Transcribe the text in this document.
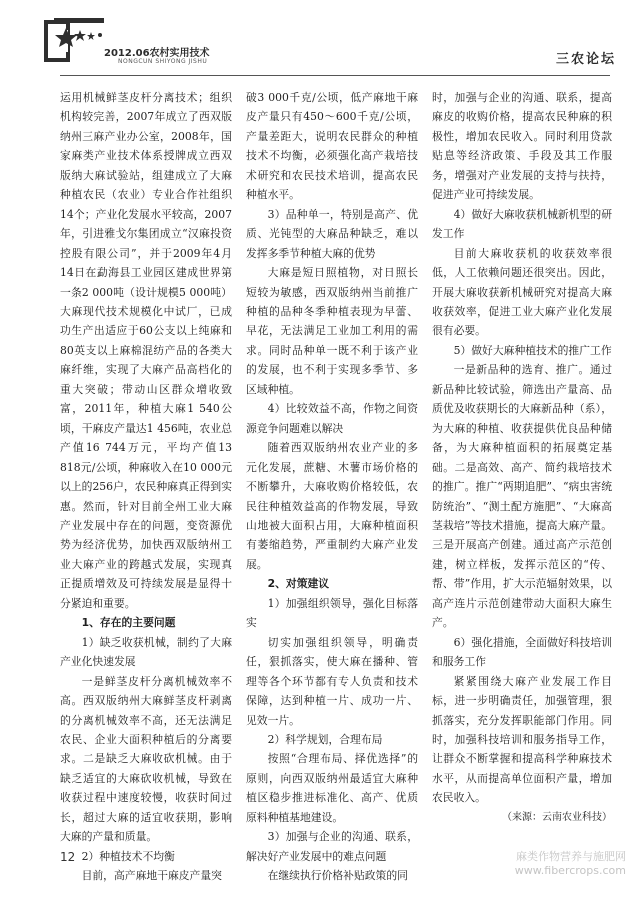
2012.06农村实用技术
NONGCUN SHIYONG JISHU	三农论坛

运用机械鲜茎皮杆分离技术；组织机构较完善，2007年成立了西双版纳州三麻产业办公室，2008年，国家麻类产业技术体系授牌成立西双版纳大麻试验站，组建成立了大麻种植农民（农业）专业合作社组织14个；产业化发展水平较高，2007年，引进雅戈尔集团成立“汉麻投资控股有限公司”，并于2009年4月14日在勐海县工业园区建成世界第一条2 000吨（设计规模5 000吨）大麻现代技术规模化中试厂，已成功生产出适应于60公支以上纯麻和80英支以上麻棉混纺产品的各类大麻纤维，实现了大麻产品高档化的重大突破；带动山区群众增收致富，2011年，种植大麻1 540公顷，干麻皮产量达1 456吨，农业总产值16 744万元，平均产值13 818元/公顷，种麻收入在10 000元以上的256户，农民种麻真正得到实惠。然而，针对目前全州工业大麻产业发展中存在的问题，变资源优势为经济优势，加快西双版纳州工业大麻产业的跨越式发展，实现真正提质增效及可持续发展是显得十分紧迫和重要。

1、存在的主要问题
1）缺乏收获机械，制约了大麻产业化快速发展

一是鲜茎皮杆分离机械效率不高。西双版纳州大麻鲜茎皮杆剥离的分离机械效率不高，还无法满足农民、企业大面积种植后的分离要求。二是缺乏大麻收砍机械。由于缺乏适宜的大麻砍收机械，导致在收获过程中速度较慢，收获时间过长，超过大麻的适宜收获期，影响大麻的产量和质量。

2）种植技术不均衡

目前，高产麻地干麻皮产量突

破3 000千克/公顷，低产麻地干麻皮产量只有450～600千克/公顷，产量差距大，说明农民群众的种植技术不均衡，必须强化高产栽培技术研究和农民技术培训，提高农民种植水平。

3）品种单一，特别是高产、优质、光钝型的大麻品种缺乏，难以发挥多季节种植大麻的优势

大麻是短日照植物，对日照长短较为敏感，西双版纳州当前推广种植的品种冬季种植表现为早蕾、早花，无法满足工业加工利用的需求。同时品种单一既不利于该产业的发展，也不利于实现多季节、多区域种植。

4）比较效益不高，作物之间资源竞争问题难以解决

随着西双版纳州农业产业的多元化发展，蔗糖、木薯市场价格的不断攀升，大麻收购价格较低，农民往种植效益高的作物发展，导致山地被大面积占用，大麻种植面积有萎缩趋势，严重制约大麻产业发展。

2、对策建议
1）加强组织领导，强化目标落实

切实加强组织领导，明确责任，狠抓落实，使大麻在播种、管理等各个环节都有专人负责和技术保障，达到种植一片、成功一片、见效一片。

2）科学规划，合理布局

按照“合理布局、择优选择”的原则，向西双版纳州最适宜大麻种植区稳步推进标准化、高产、优质原料种植基地建设。

3）加强与企业的沟通、联系，解决好产业发展中的难点问题

在继续执行价格补贴政策的同

时，加强与企业的沟通、联系，提高麻皮的收购价格，提高农民种麻的积极性，增加农民收入。同时利用贷款贴息等经济政策、手段及其工作服务，增强对产业发展的支持与扶持，促进产业可持续发展。

4）做好大麻收获机械新机型的研发工作

目前大麻收获机的收获效率很低，人工依赖问题还很突出。因此，开展大麻收获新机械研究对提高大麻收获效率，促进工业大麻产业化发展很有必要。

5）做好大麻种植技术的推广工作

一是新品种的选育、推广。通过新品种比较试验，筛选出产量高、品质优及收获期长的大麻新品种（系），为大麻的种植、收获提供优良品种储备，为大麻种植面积的拓展奠定基础。二是高效、高产、简约栽培技术的推广。推广“两期追肥”、“病虫害统防统治”、“测土配方施肥”、“大麻高茎栽培”等技术措施，提高大麻产量。三是开展高产创建。通过高产示范创建，树立样板，发挥示范区的“传、帮、带”作用，扩大示范辐射效果，以高产连片示范创建带动大面积大麻生产。

6）强化措施，全面做好科技培训和服务工作

紧紧围绕大麻产业发展工作目标，进一步明确责任，加强管理，狠抓落实，充分发挥职能部门作用。同时，加强科技培训和服务指导工作，让群众不断掌握和提高科学种麻技术水平，从而提高单位面积产量，增加农民收入。

（来源：云南农业科技）

12	麻类作物营养与施肥网
www.fibercrops.com
